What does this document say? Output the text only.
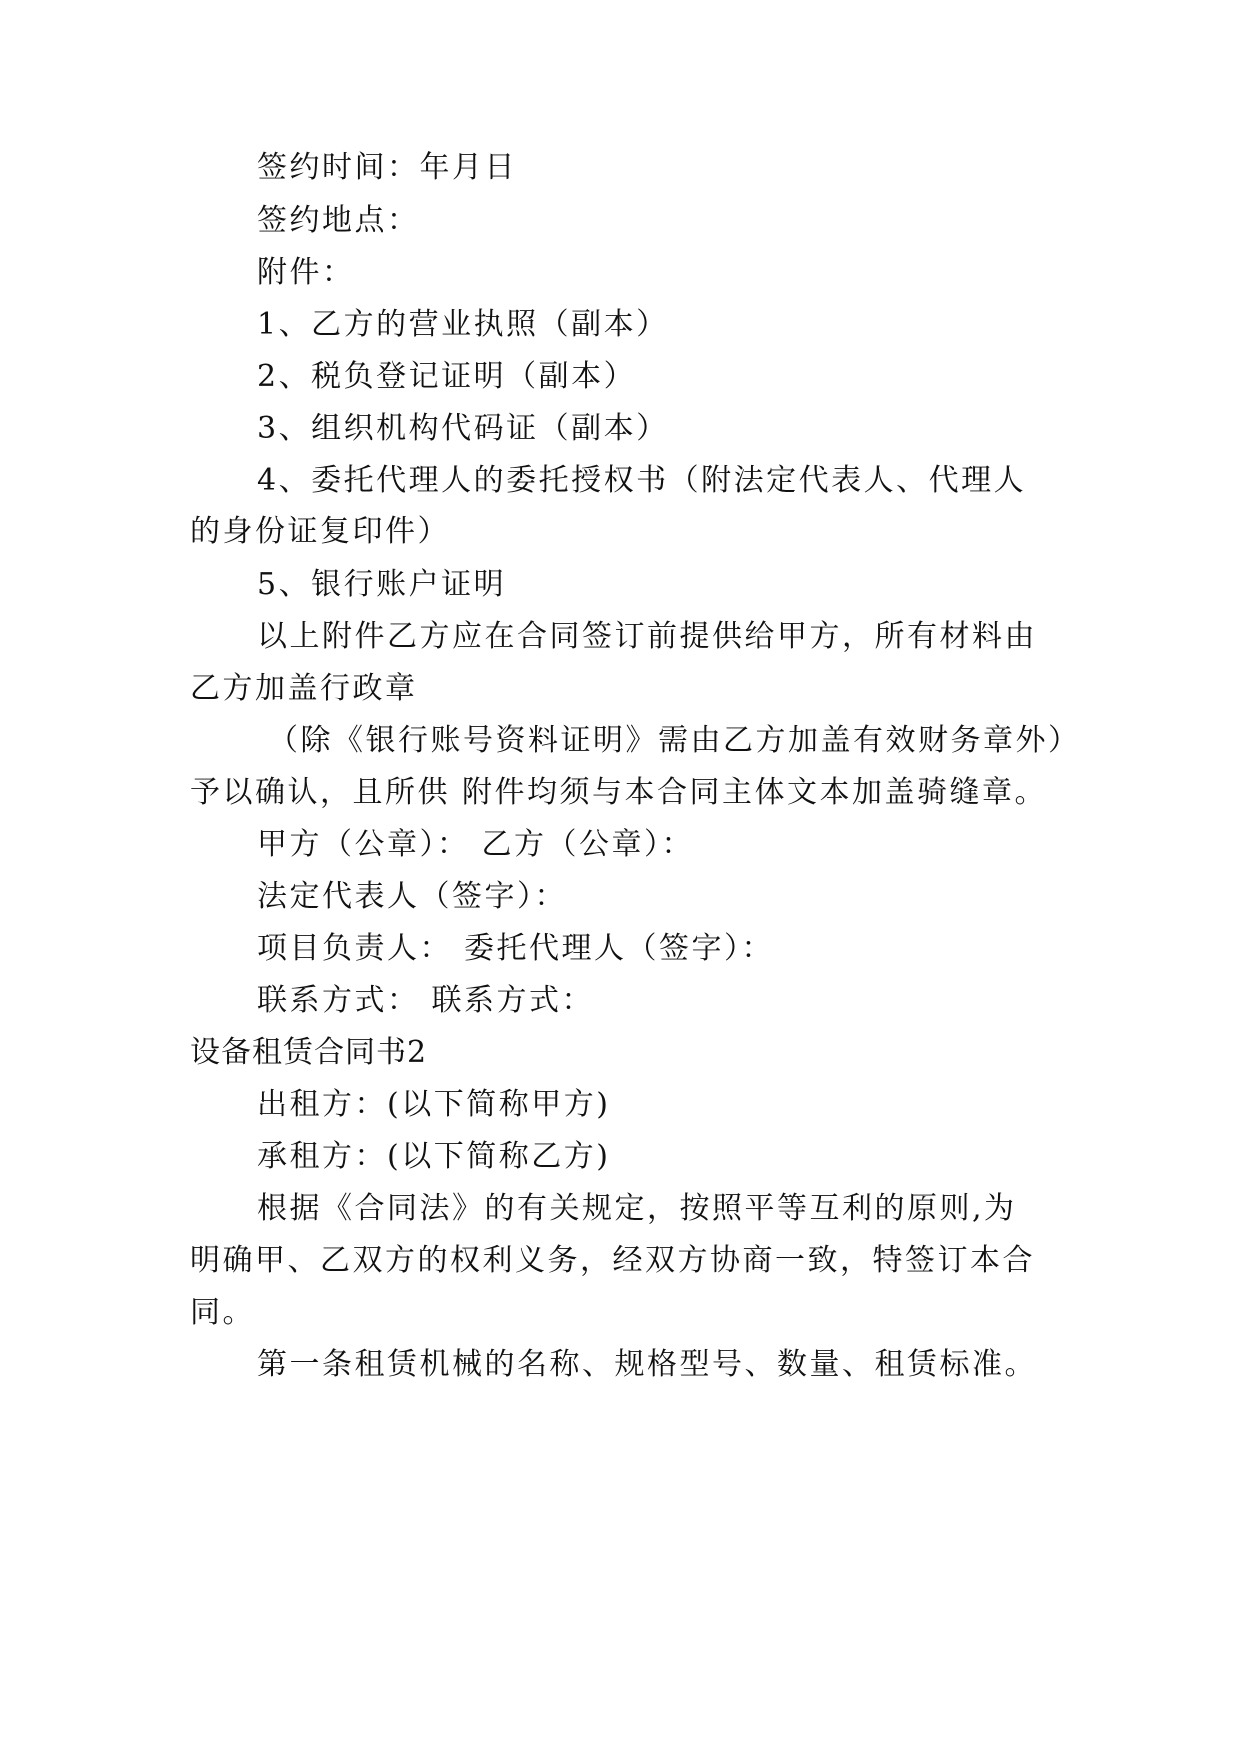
签约时间：年月日
签约地点：
附件：
1、乙方的营业执照（副本）
2、税负登记证明（副本）
3、组织机构代码证（副本）
4、委托代理人的委托授权书（附法定代表人、代理人
的身份证复印件）
5、银行账户证明
以上附件乙方应在合同签订前提供给甲方，所有材料由
乙方加盖行政章
（除《银行账号资料证明》需由乙方加盖有效财务章外）
予以确认，且所供 附件均须与本合同主体文本加盖骑缝章。
甲方（公章）： 乙方（公章）：
法定代表人（签字）：
项目负责人： 委托代理人（签字）：
联系方式： 联系方式：
设备租赁合同书2
出租方：(以下简称甲方)
承租方：(以下简称乙方)
根据《合同法》的有关规定，按照平等互利的原则,为
明确甲、乙双方的权利义务，经双方协商一致，特签订本合
同。
第一条租赁机械的名称、规格型号、数量、租赁标准。
